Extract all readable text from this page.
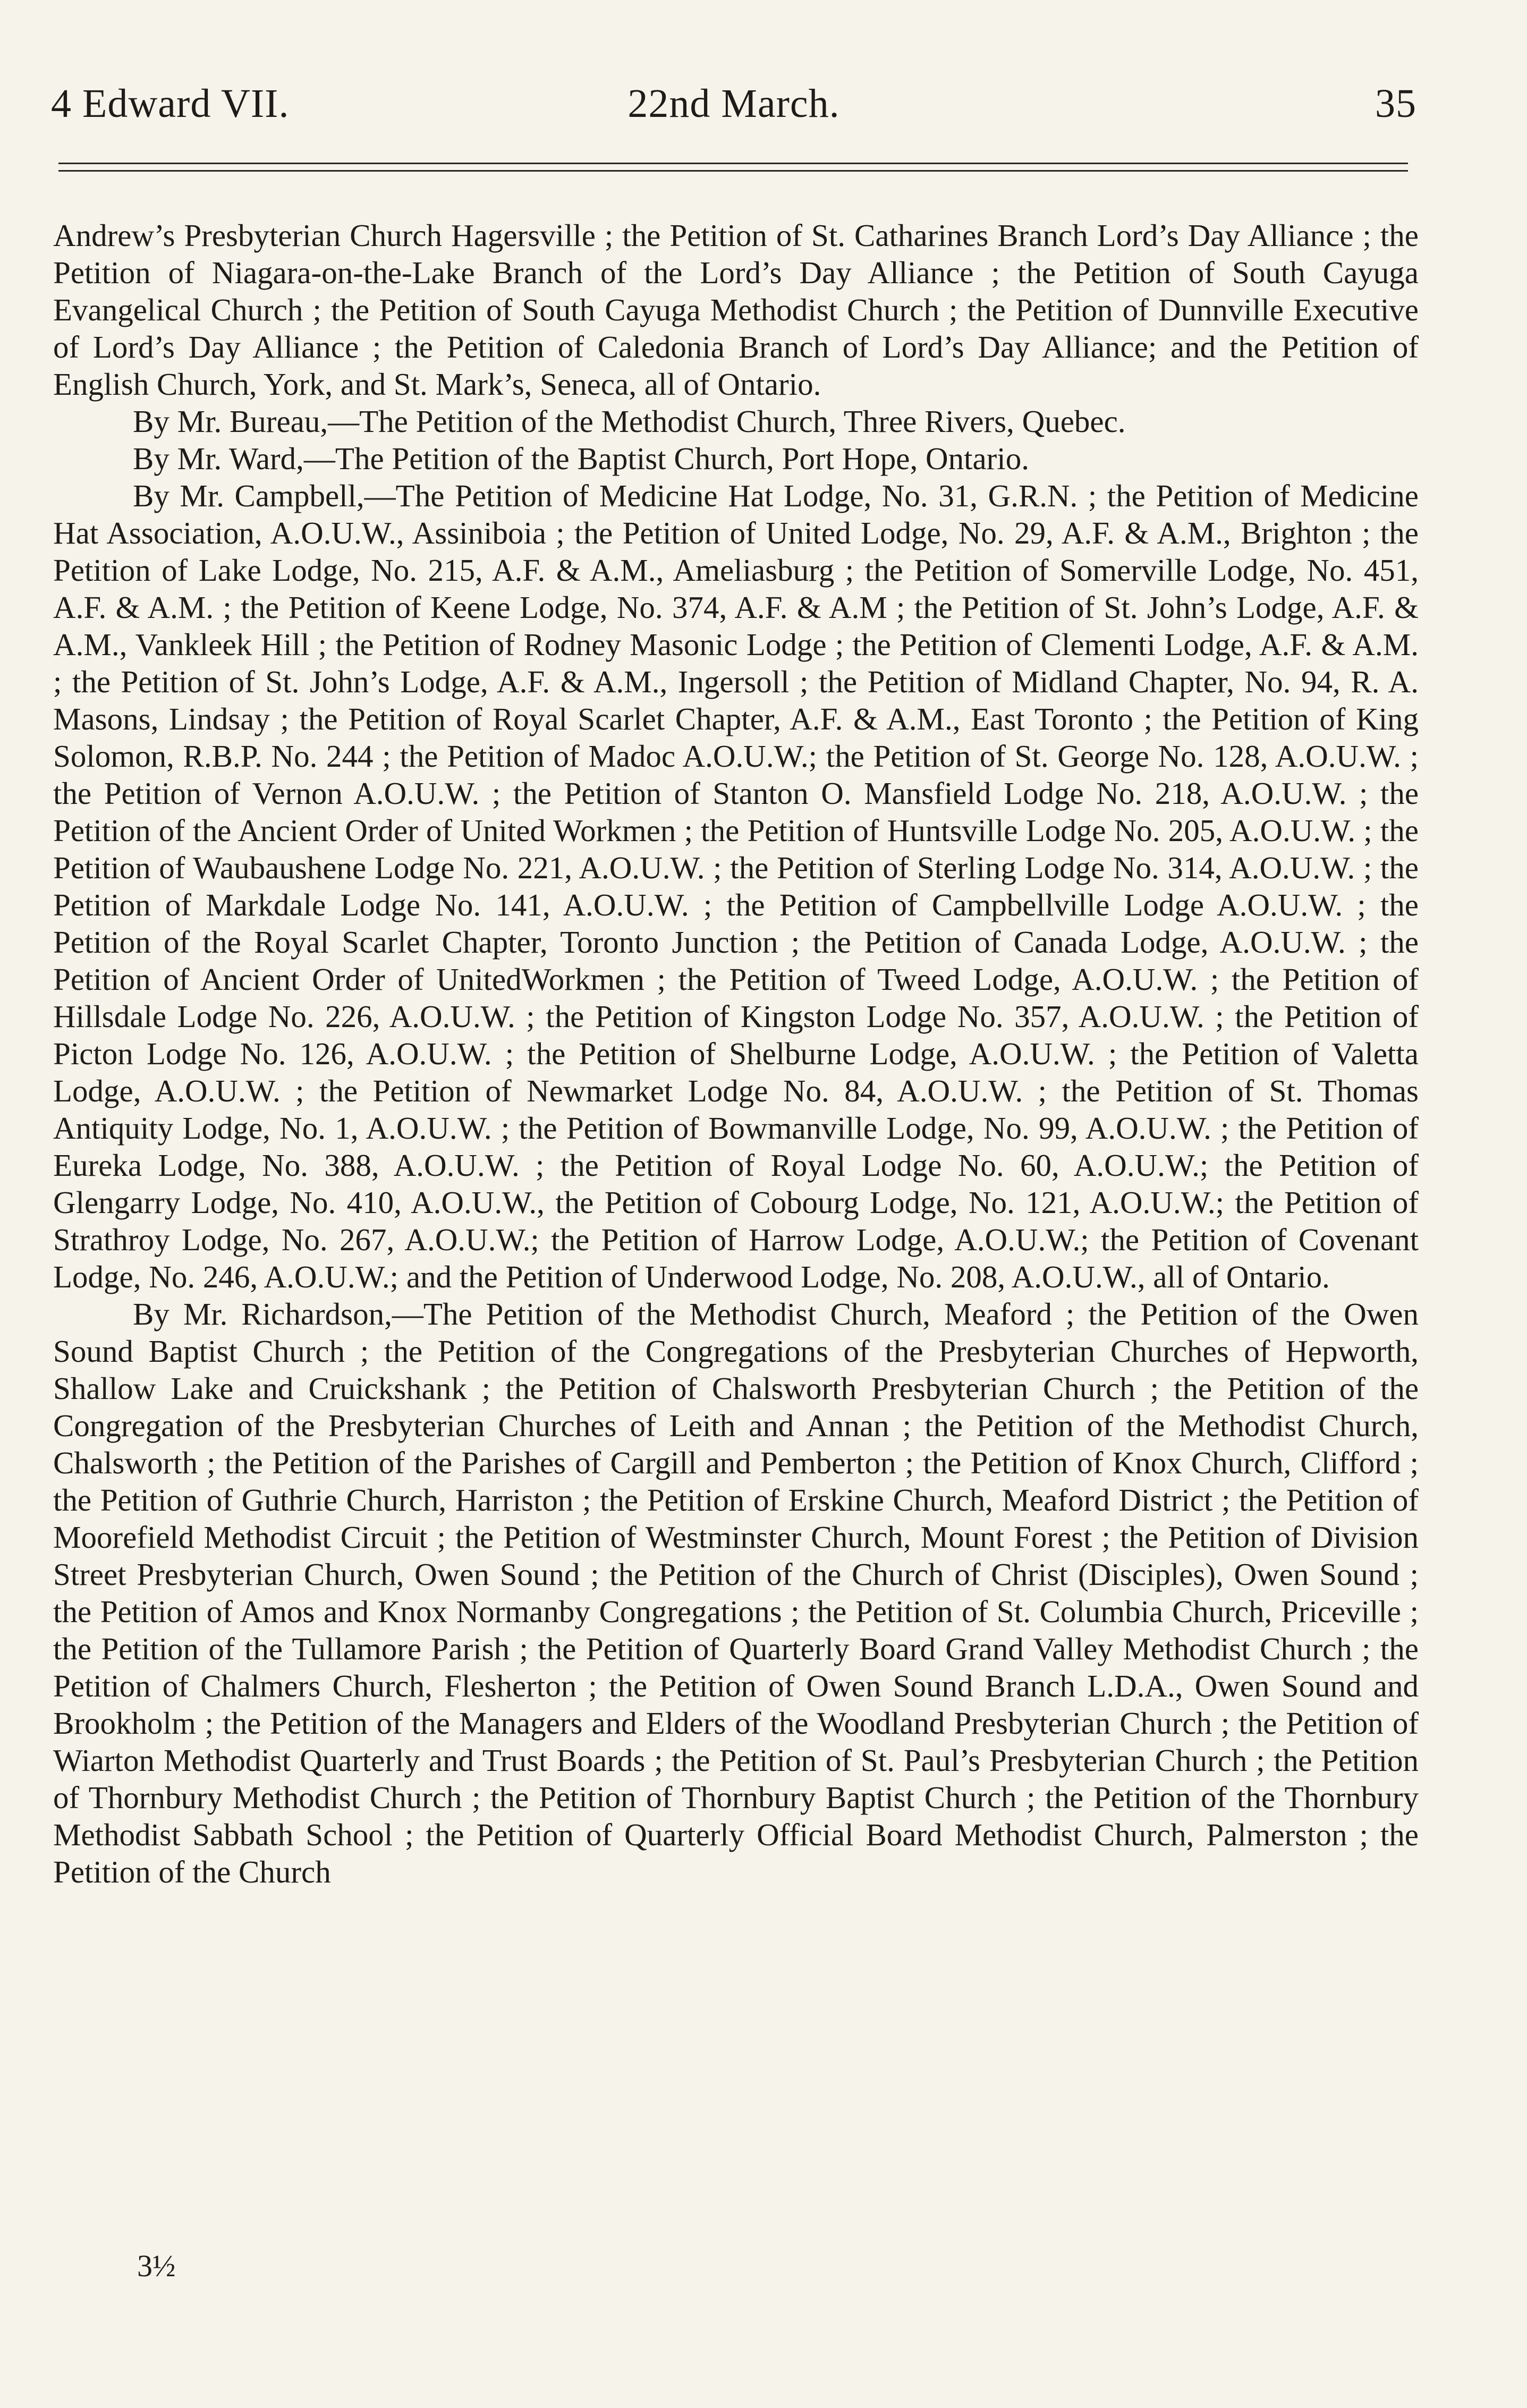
4 Edward VII.	22nd March.	35

Andrew’s Presbyterian Church Hagersville ; the Petition of St. Catharines Branch Lord’s Day Alliance ; the Petition of Niagara-on-the-Lake Branch of the Lord’s Day Alliance ; the Petition of South Cayuga Evangelical Church ; the Petition of South Cayuga Methodist Church ; the Petition of Dunnville Executive of Lord’s Day Alliance ; the Petition of Caledonia Branch of Lord’s Day Alliance; and the Petition of English Church, York, and St. Mark’s, Seneca, all of Ontario.

By Mr. Bureau,—The Petition of the Methodist Church, Three Rivers, Quebec.

By Mr. Ward,—The Petition of the Baptist Church, Port Hope, Ontario.

By Mr. Campbell,—The Petition of Medicine Hat Lodge, No. 31, G.R.N. ; the Petition of Medicine Hat Association, A.O.U.W., Assiniboia ; the Petition of United Lodge, No. 29, A.F. & A.M., Brighton ; the Petition of Lake Lodge, No. 215, A.F. & A.M., Ameliasburg ; the Petition of Somerville Lodge, No. 451, A.F. & A.M. ; the Petition of Keene Lodge, No. 374, A.F. & A.M ; the Petition of St. John’s Lodge, A.F. & A.M., Vankleek Hill ; the Petition of Rodney Masonic Lodge ; the Petition of Clementi Lodge, A.F. & A.M. ; the Petition of St. John’s Lodge, A.F. & A.M., Ingersoll ; the Petition of Midland Chapter, No. 94, R. A. Masons, Lindsay ; the Petition of Royal Scarlet Chapter, A.F. & A.M., East Toronto ; the Petition of King Solomon, R.B.P. No. 244 ; the Petition of Madoc A.O.U.W.; the Petition of St. George No. 128, A.O.U.W. ; the Petition of Vernon A.O.U.W. ; the Petition of Stanton O. Mansfield Lodge No. 218, A.O.U.W. ; the Petition of the Ancient Order of United Workmen ; the Petition of Huntsville Lodge No. 205, A.O.U.W. ; the Petition of Waubaushene Lodge No. 221, A.O.U.W. ; the Petition of Sterling Lodge No. 314, A.O.U.W. ; the Petition of Markdale Lodge No. 141, A.O.U.W. ; the Petition of Campbellville Lodge A.O.U.W. ; the Petition of the Royal Scarlet Chapter, Toronto Junction ; the Petition of Canada Lodge, A.O.U.W. ; the Petition of Ancient Order of UnitedWorkmen ; the Petition of Tweed Lodge, A.O.U.W. ; the Petition of Hillsdale Lodge No. 226, A.O.U.W. ; the Petition of Kingston Lodge No. 357, A.O.U.W. ; the Petition of Picton Lodge No. 126, A.O.U.W. ; the Petition of Shelburne Lodge, A.O.U.W. ; the Petition of Valetta Lodge, A.O.U.W. ; the Petition of Newmarket Lodge No. 84, A.O.U.W. ; the Petition of St. Thomas Antiquity Lodge, No. 1, A.O.U.W. ; the Petition of Bowmanville Lodge, No. 99, A.O.U.W. ; the Petition of Eureka Lodge, No. 388, A.O.U.W. ; the Petition of Royal Lodge No. 60, A.O.U.W.; the Petition of Glengarry Lodge, No. 410, A.O.U.W., the Petition of Cobourg Lodge, No. 121, A.O.U.W.; the Petition of Strathroy Lodge, No. 267, A.O.U.W.; the Petition of Harrow Lodge, A.O.U.W.; the Petition of Covenant Lodge, No. 246, A.O.U.W.; and the Petition of Underwood Lodge, No. 208, A.O.U.W., all of Ontario.

By Mr. Richardson,—The Petition of the Methodist Church, Meaford ; the Petition of the Owen Sound Baptist Church ; the Petition of the Congregations of the Presbyterian Churches of Hepworth, Shallow Lake and Cruickshank ; the Petition of Chalsworth Presbyterian Church ; the Petition of the Congregation of the Presbyterian Churches of Leith and Annan ; the Petition of the Methodist Church, Chalsworth ; the Petition of the Parishes of Cargill and Pemberton ; the Petition of Knox Church, Clifford ; the Petition of Guthrie Church, Harriston ; the Petition of Erskine Church, Meaford District ; the Petition of Moorefield Methodist Circuit ; the Petition of Westminster Church, Mount Forest ; the Petition of Division Street Presbyterian Church, Owen Sound ; the Petition of the Church of Christ (Disciples), Owen Sound ; the Petition of Amos and Knox Normanby Congregations ; the Petition of St. Columbia Church, Priceville ; the Petition of the Tullamore Parish ; the Petition of Quarterly Board Grand Valley Methodist Church ; the Petition of Chalmers Church, Flesherton ; the Petition of Owen Sound Branch L.D.A., Owen Sound and Brookholm ; the Petition of the Managers and Elders of the Woodland Presbyterian Church ; the Petition of Wiarton Methodist Quarterly and Trust Boards ; the Petition of St. Paul’s Presbyterian Church ; the Petition of Thornbury Methodist Church ; the Petition of Thornbury Baptist Church ; the Petition of the Thornbury Methodist Sabbath School ; the Petition of Quarterly Official Board Methodist Church, Palmerston ; the Petition of the Church

3½
